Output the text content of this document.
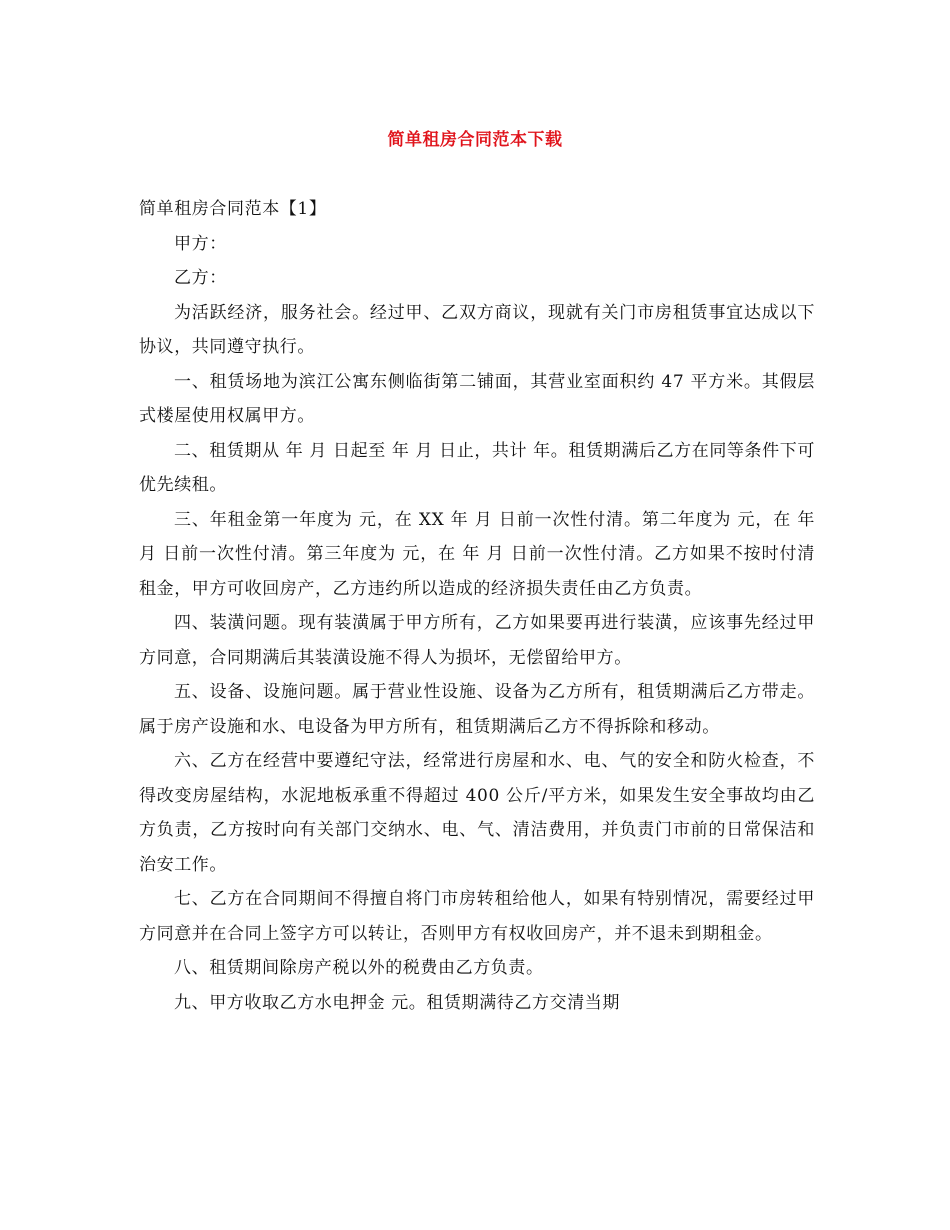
简单租房合同范本下载

简单租房合同范本【1】

甲方：

乙方：

为活跃经济，服务社会。经过甲、乙双方商议，现就有关门市房租赁事宜达成以下协议，共同遵守执行。

一、租赁场地为滨江公寓东侧临街第二铺面，其营业室面积约 47 平方米。其假层式楼屋使用权属甲方。

二、租赁期从 年 月 日起至 年 月 日止，共计 年。租赁期满后乙方在同等条件下可优先续租。

三、年租金第一年度为 元，在 XX 年 月 日前一次性付清。第二年度为 元，在 年 月 日前一次性付清。第三年度为 元，在 年 月 日前一次性付清。乙方如果不按时付清租金，甲方可收回房产，乙方违约所以造成的经济损失责任由乙方负责。

四、装潢问题。现有装潢属于甲方所有，乙方如果要再进行装潢，应该事先经过甲方同意，合同期满后其装潢设施不得人为损坏，无偿留给甲方。

五、设备、设施问题。属于营业性设施、设备为乙方所有，租赁期满后乙方带走。属于房产设施和水、电设备为甲方所有，租赁期满后乙方不得拆除和移动。

六、乙方在经营中要遵纪守法，经常进行房屋和水、电、气的安全和防火检查，不得改变房屋结构，水泥地板承重不得超过 400 公斤/平方米，如果发生安全事故均由乙方负责，乙方按时向有关部门交纳水、电、气、清洁费用，并负责门市前的日常保洁和治安工作。

七、乙方在合同期间不得擅自将门市房转租给他人，如果有特别情况，需要经过甲方同意并在合同上签字方可以转让，否则甲方有权收回房产，并不退未到期租金。

八、租赁期间除房产税以外的税费由乙方负责。

九、甲方收取乙方水电押金 元。租赁期满待乙方交清当期
